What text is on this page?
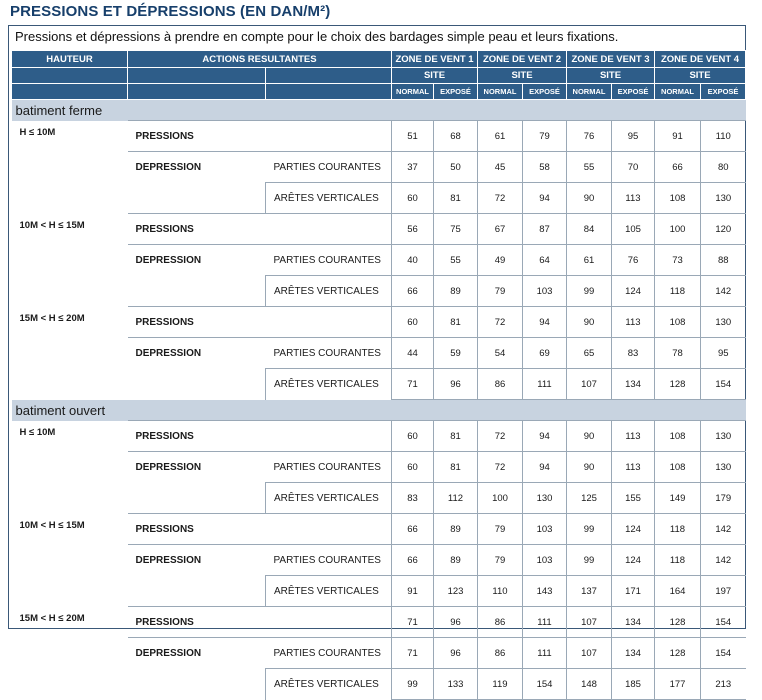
PRESSIONS ET DÉPRESSIONS (EN DAN/M²)
Pressions et dépressions à prendre en compte pour le choix des bardages simple peau et leurs fixations.
HAUTEUR	ACTIONS RESULTANTES		ZONE DE VENT 1		ZONE DE VENT 2		ZONE DE VENT 3		ZONE DE VENT 4	
			SITE		SITE		SITE		SITE	
			NORMAL	EXPOSÉ	NORMAL	EXPOSÉ	NORMAL	EXPOSÉ	NORMAL	EXPOSÉ
batiment ferme										
H ≤ 10M	PRESSIONS		51	68	61	79	76	95	91	110
	DEPRESSION	PARTIES COURANTES	37	50	45	58	55	70	66	80
		ARÊTES VERTICALES	60	81	72	94	90	113	108	130
10M < H ≤ 15M	PRESSIONS		56	75	67	87	84	105	100	120
	DEPRESSION	PARTIES COURANTES	40	55	49	64	61	76	73	88
		ARÊTES VERTICALES	66	89	79	103	99	124	118	142
15M < H ≤ 20M	PRESSIONS		60	81	72	94	90	113	108	130
	DEPRESSION	PARTIES COURANTES	44	59	54	69	65	83	78	95
		ARÊTES VERTICALES	71	96	86	111	107	134	128	154
batiment ouvert										
H ≤ 10M	PRESSIONS		60	81	72	94	90	113	108	130
	DEPRESSION	PARTIES COURANTES	60	81	72	94	90	113	108	130
		ARÊTES VERTICALES	83	112	100	130	125	155	149	179
10M < H ≤ 15M	PRESSIONS		66	89	79	103	99	124	118	142
	DEPRESSION	PARTIES COURANTES	66	89	79	103	99	124	118	142
		ARÊTES VERTICALES	91	123	110	143	137	171	164	197
15M < H ≤ 20M	PRESSIONS		71	96	86	111	107	134	128	154
	DEPRESSION	PARTIES COURANTES	71	96	86	111	107	134	128	154
		ARÊTES VERTICALES	99	133	119	154	148	185	177	213
